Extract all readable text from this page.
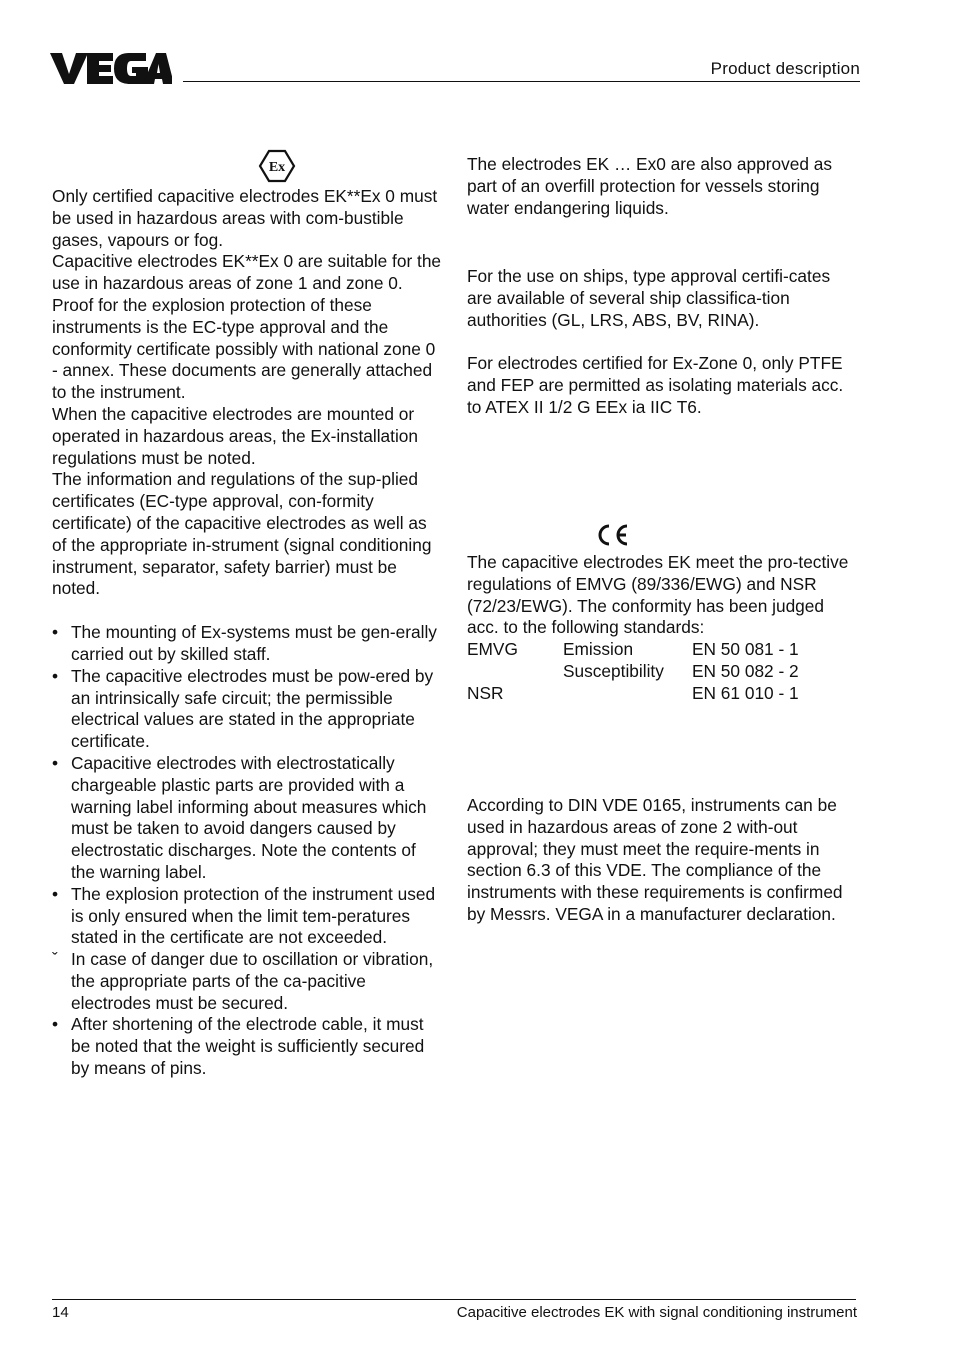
Product description
Ex

Only certified capacitive electrodes EK**Ex 0 must be used in hazardous areas with com-bustible gases, vapours or fog.

Capacitive electrodes EK**Ex 0 are suitable for the use in hazardous areas of zone 1 and zone 0. Proof for the explosion protection of these instruments is the EC-type approval and the conformity certificate possibly with national zone 0 - annex. These documents are generally attached to the instrument.

When the capacitive electrodes are mounted or operated in hazardous areas, the Ex-installation regulations must be noted.

The information and regulations of the sup-plied certificates (EC-type approval, con-formity certificate) of the capacitive electrodes as well as of the appropriate in-strument (signal conditioning instrument, separator, safety barrier) must be noted.

• The mounting of Ex-systems must be gen-erally carried out by skilled staff.
• The capacitive electrodes must be pow-ered by an intrinsically safe circuit; the permissible electrical values are stated in the appropriate certificate.
• Capacitive electrodes with electrostatically chargeable plastic parts are provided with a warning label informing about measures which must be taken to avoid dangers caused by electrostatic discharges. Note the contents of the warning label.
• The explosion protection of the instrument used is only ensured when the limit tem-peratures stated in the certificate are not exceeded.
ˇ In case of danger due to oscillation or vibration, the appropriate parts of the ca-pacitive electrodes must be secured.
• After shortening of the electrode cable, it must be noted that the weight is sufficiently secured by means of pins.

The electrodes EK … Ex0 are also approved as part of an overfill protection for vessels storing water endangering liquids.

For the use on ships, type approval certifi-cates are available of several ship classifica-tion authorities (GL, LRS, ABS, BV, RINA).

For electrodes certified for Ex-Zone 0, only PTFE and FEP are permitted as isolating materials acc. to ATEX II 1/2 G EEx ia IIC T6.

The capacitive electrodes EK meet the pro-tective regulations of EMVG (89/336/EWG) and NSR (72/23/EWG). The conformity has been judged acc. to the following standards:

EMVG	Emission	EN 50 081 - 1
	Susceptibility	EN 50 082 - 2
NSR		EN 61 010 - 1

According to DIN VDE 0165, instruments can be used in hazardous areas of zone 2 with-out approval; they must meet the require-ments in section 6.3 of this VDE. The compliance of the instruments with these requirements is confirmed by Messrs. VEGA in a manufacturer declaration.

14	Capacitive electrodes EK with signal conditioning instrument
